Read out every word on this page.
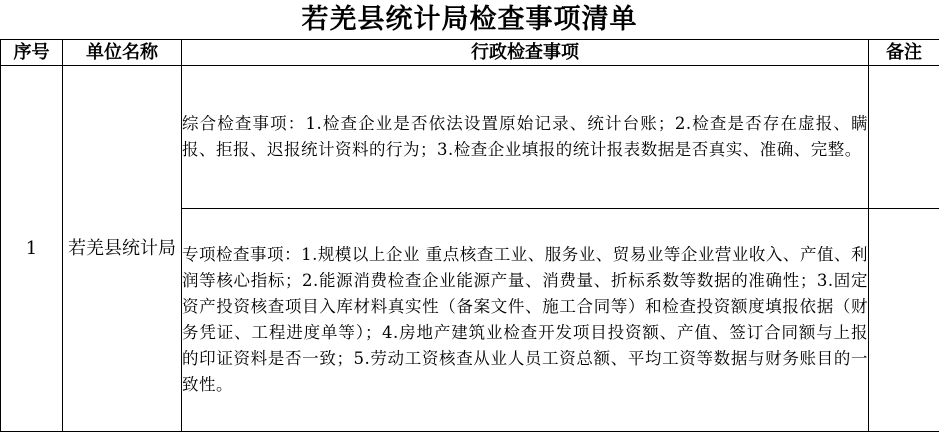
若羌县统计局检查事项清单
序号	单位名称	行政检查事项	备注
1	若羌县统计局	综合检查事项：1.检查企业是否依法设置原始记录、统计台账；2.检查是否存在虚报、瞒报、拒报、迟报统计资料的行为；3.检查企业填报的统计报表数据是否真实、准确、完整。	
		专项检查事项：1.规模以上企业 重点核查工业、服务业、贸易业等企业营业收入、产值、利润等核心指标；2.能源消费检查企业能源产量、消费量、折标系数等数据的准确性；3.固定资产投资核查项目入库材料真实性（备案文件、施工合同等）和检查投资额度填报依据（财务凭证、工程进度单等）；4.房地产建筑业检查开发项目投资额、产值、签订合同额与上报的印证资料是否一致；5.劳动工资核查从业人员工资总额、平均工资等数据与财务账目的一致性。	
